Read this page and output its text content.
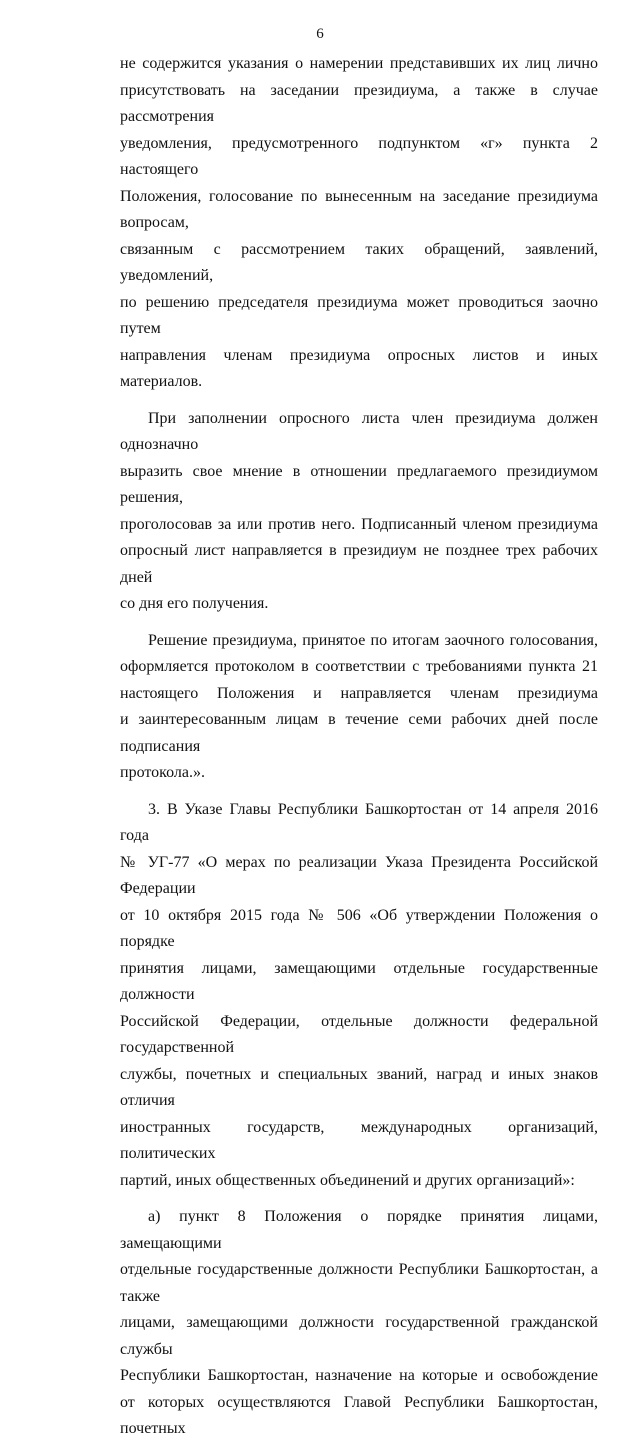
6

не содержится указания о намерении представивших их лиц лично

присутствовать на заседании президиума, а также в случае рассмотрения

уведомления, предусмотренного подпунктом «г» пункта 2 настоящего

Положения, голосование по вынесенным на заседание президиума вопросам,

связанным с рассмотрением таких обращений, заявлений, уведомлений,

по решению председателя президиума может проводиться заочно путем

направления членам президиума опросных листов и иных материалов.

При заполнении опросного листа член президиума должен однозначно

выразить свое мнение в отношении предлагаемого президиумом решения,

проголосовав за или против него. Подписанный членом президиума

опросный лист направляется в президиум не позднее трех рабочих дней

со дня его получения.

Решение президиума, принятое по итогам заочного голосования,

оформляется протоколом в соответствии с требованиями пункта 21

настоящего Положения и направляется членам президиума

и заинтересованным лицам в течение семи рабочих дней после подписания

протокола.».

3. В Указе Главы Республики Башкортостан от 14 апреля 2016 года

№ УГ-77 «О мерах по реализации Указа Президента Российской Федерации

от 10 октября 2015 года № 506 «Об утверждении Положения о порядке

принятия лицами, замещающими отдельные государственные должности

Российской Федерации, отдельные должности федеральной государственной

службы, почетных и специальных званий, наград и иных знаков отличия

иностранных государств, международных организаций, политических

партий, иных общественных объединений и других организаций»:

а) пункт 8 Положения о порядке принятия лицами, замещающими

отдельные государственные должности Республики Башкортостан, а также

лицами, замещающими должности государственной гражданской службы

Республики Башкортостан, назначение на которые и освобождение

от которых осуществляются Главой Республики Башкортостан, почетных
